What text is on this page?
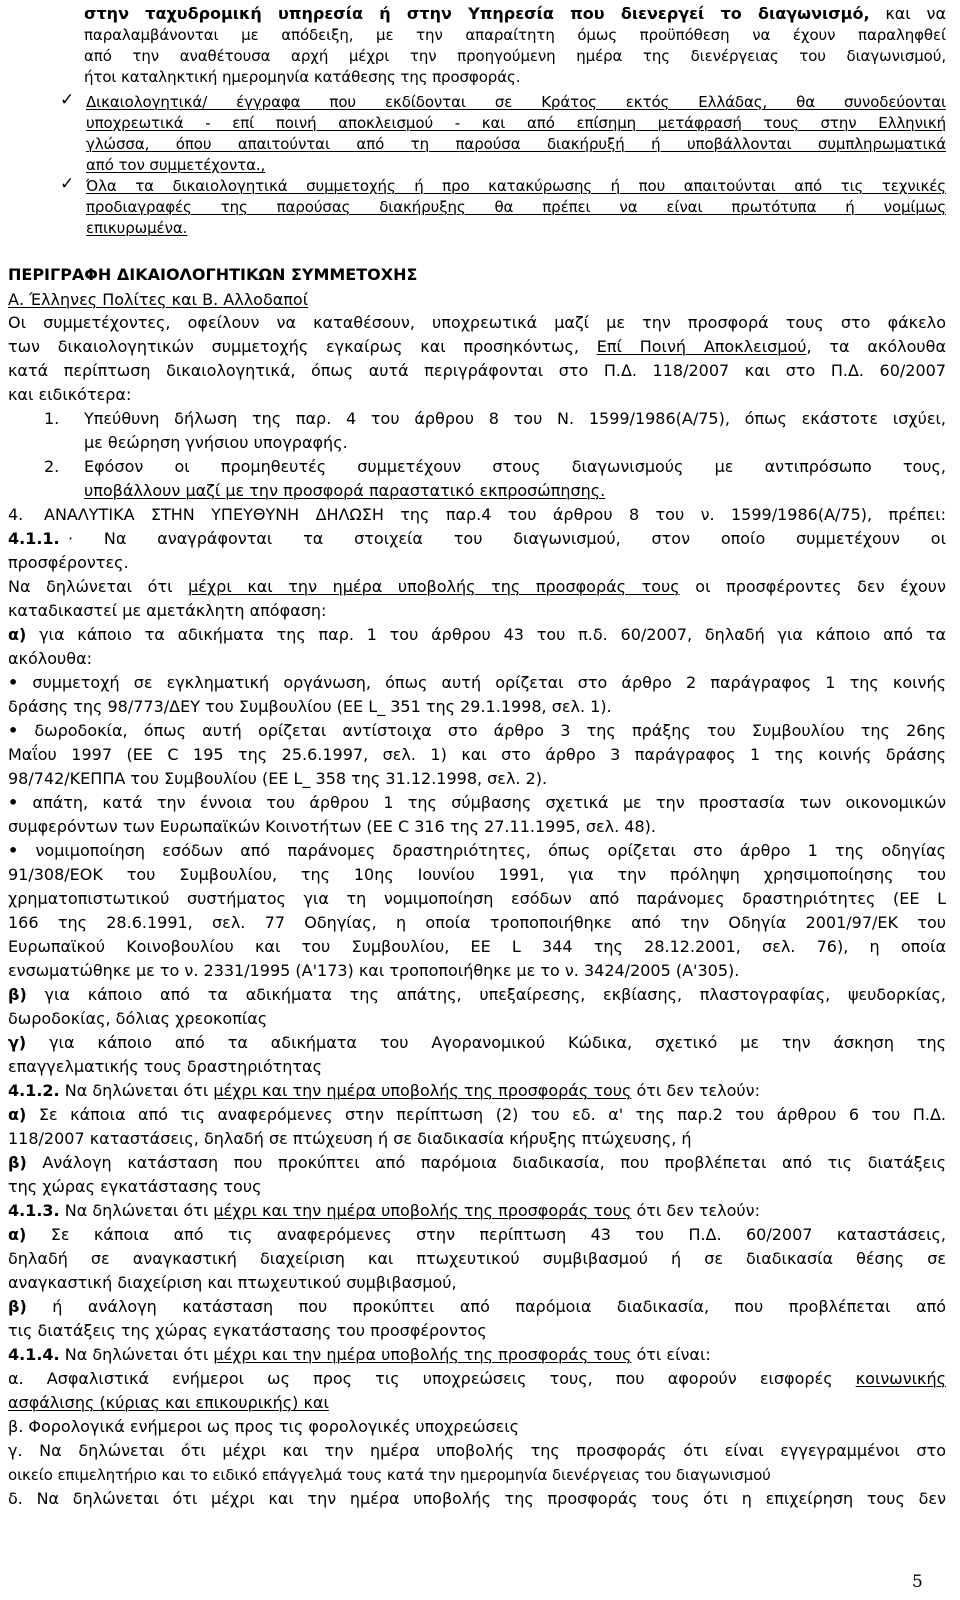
στην ταχυδρομική υπηρεσία ή στην Υπηρεσία που διενεργεί το διαγωνισμό, και να
παραλαμβάνονται με απόδειξη, με την απαραίτητη όμως προϋπόθεση να έχουν παραληφθεί
από την αναθέτουσα αρχή μέχρι την προηγούμενη ημέρα της διενέργειας του διαγωνισμού,
ήτοι καταληκτική ημερομηνία κατάθεσης της προσφοράς.
✓ Δικαιολογητικά/ έγγραφα που εκδίδονται σε Κράτος εκτός Ελλάδας, θα συνοδεύονται
υποχρεωτικά - επί ποινή αποκλεισμού - και από επίσημη μετάφρασή τους στην Ελληνική
γλώσσα, όπου απαιτούνται από τη παρούσα διακήρυξή ή υποβάλλονται συμπληρωματικά
από τον συμμετέχοντα.,
✓ Όλα τα δικαιολογητικά συμμετοχής ή προ κατακύρωσης ή που απαιτούνται από τις τεχνικές
προδιαγραφές της παρούσας διακήρυξης θα πρέπει να είναι πρωτότυπα ή νομίμως
επικυρωμένα.
ΠΕΡΙΓΡΑΦΗ ΔΙΚΑΙΟΛΟΓΗΤΙΚΩΝ ΣΥΜΜΕΤΟΧΗΣ
Α. Έλληνες Πολίτες και Β. Αλλοδαποί
Οι συμμετέχοντες, οφείλουν να καταθέσουν, υποχρεωτικά μαζί με την προσφορά τους στο φάκελο
των δικαιολογητικών συμμετοχής εγκαίρως και προσηκόντως, Επί Ποινή Αποκλεισμού, τα ακόλουθα
κατά περίπτωση δικαιολογητικά, όπως αυτά περιγράφονται στο Π.Δ. 118/2007 και στο Π.Δ. 60/2007
και ειδικότερα:
1. Υπεύθυνη δήλωση της παρ. 4 του άρθρου 8 του Ν. 1599/1986(Α/75), όπως εκάστοτε ισχύει,
με θεώρηση γνήσιου υπογραφής.
2. Εφόσον οι προμηθευτές συμμετέχουν στους διαγωνισμούς με αντιπρόσωπο τους,
υποβάλλουν μαζί με την προσφορά παραστατικό εκπροσώπησης.
4. ΑΝΑΛΥΤΙΚΑ ΣΤΗΝ ΥΠΕΥΘΥΝΗ ΔΗΛΩΣΗ της παρ.4 του άρθρου 8 του ν. 1599/1986(Α/75), πρέπει:
4.1.1. · Να αναγράφονται τα στοιχεία του διαγωνισμού, στον οποίο συμμετέχουν οι
προσφέροντες.
Να δηλώνεται ότι μέχρι και την ημέρα υποβολής της προσφοράς τους οι προσφέροντες δεν έχουν
καταδικαστεί με αμετάκλητη απόφαση:
α) για κάποιο τα αδικήματα της παρ. 1 του άρθρου 43 του π.δ. 60/2007, δηλαδή για κάποιο από τα
ακόλουθα:
• συμμετοχή σε εγκληματική οργάνωση, όπως αυτή ορίζεται στο άρθρο 2 παράγραφος 1 της κοινής
δράσης της 98/773/ΔΕΥ του Συμβουλίου (ΕΕ L_ 351 της 29.1.1998, σελ. 1).
• δωροδοκία, όπως αυτή ορίζεται αντίστοιχα στο άρθρο 3 της πράξης του Συμβουλίου της 26ης
Μαΐου 1997 (ΕΕ C 195 της 25.6.1997, σελ. 1) και στο άρθρο 3 παράγραφος 1 της κοινής δράσης
98/742/ΚΕΠΠΑ του Συμβουλίου (ΕΕ L_ 358 της 31.12.1998, σελ. 2).
• απάτη, κατά την έννοια του άρθρου 1 της σύμβασης σχετικά με την προστασία των οικονομικών
συμφερόντων των Ευρωπαϊκών Κοινοτήτων (ΕΕ C 316 της 27.11.1995, σελ. 48).
• νομιμοποίηση εσόδων από παράνομες δραστηριότητες, όπως ορίζεται στο άρθρο 1 της οδηγίας
91/308/ΕΟΚ του Συμβουλίου, της 10ης Ιουνίου 1991, για την πρόληψη χρησιμοποίησης του
χρηματοπιστωτικού συστήματος για τη νομιμοποίηση εσόδων από παράνομες δραστηριότητες (ΕΕ L
166 της 28.6.1991, σελ. 77 Οδηγίας, η οποία τροποποιήθηκε από την Οδηγία 2001/97/ΕΚ του
Ευρωπαϊκού Κοινοβουλίου και του Συμβουλίου, ΕΕ L 344 της 28.12.2001, σελ. 76), η οποία
ενσωματώθηκε με το ν. 2331/1995 (Α'173) και τροποποιήθηκε με το ν. 3424/2005 (Α'305).
β) για κάποιο από τα αδικήματα της απάτης, υπεξαίρεσης, εκβίασης, πλαστογραφίας, ψευδορκίας,
δωροδοκίας, δόλιας χρεοκοπίας
γ) για κάποιο από τα αδικήματα του Αγορανομικού Κώδικα, σχετικό με την άσκηση της
επαγγελματικής τους δραστηριότητας
4.1.2. Να δηλώνεται ότι μέχρι και την ημέρα υποβολής της προσφοράς τους ότι δεν τελούν:
α) Σε κάποια από τις αναφερόμενες στην περίπτωση (2) του εδ. α' της παρ.2 του άρθρου 6 του Π.Δ.
118/2007 καταστάσεις, δηλαδή σε πτώχευση ή σε διαδικασία κήρυξης πτώχευσης, ή
β) Ανάλογη κατάσταση που προκύπτει από παρόμοια διαδικασία, που προβλέπεται από τις διατάξεις
της χώρας εγκατάστασης τους
4.1.3. Να δηλώνεται ότι μέχρι και την ημέρα υποβολής της προσφοράς τους ότι δεν τελούν:
α) Σε κάποια από τις αναφερόμενες στην περίπτωση 43 του Π.Δ. 60/2007 καταστάσεις,
δηλαδή σε αναγκαστική διαχείριση και πτωχευτικού συμβιβασμού ή σε διαδικασία θέσης σε
αναγκαστική διαχείριση και πτωχευτικού συμβιβασμού,
β) ή ανάλογη κατάσταση που προκύπτει από παρόμοια διαδικασία, που προβλέπεται από
τις διατάξεις της χώρας εγκατάστασης του προσφέροντος
4.1.4. Να δηλώνεται ότι μέχρι και την ημέρα υποβολής της προσφοράς τους ότι είναι:
α. Ασφαλιστικά ενήμεροι ως προς τις υποχρεώσεις τους, που αφορούν εισφορές κοινωνικής
ασφάλισης (κύριας και επικουρικής) και
β. Φορολογικά ενήμεροι ως προς τις φορολογικές υποχρεώσεις
γ. Να δηλώνεται ότι μέχρι και την ημέρα υποβολής της προσφοράς ότι είναι εγγεγραμμένοι στο
οικείο επιμελητήριο και το ειδικό επάγγελμά τους κατά την ημερομηνία διενέργειας του διαγωνισμού
δ. Να δηλώνεται ότι μέχρι και την ημέρα υποβολής της προσφοράς τους ότι η επιχείρηση τους δεν
5
